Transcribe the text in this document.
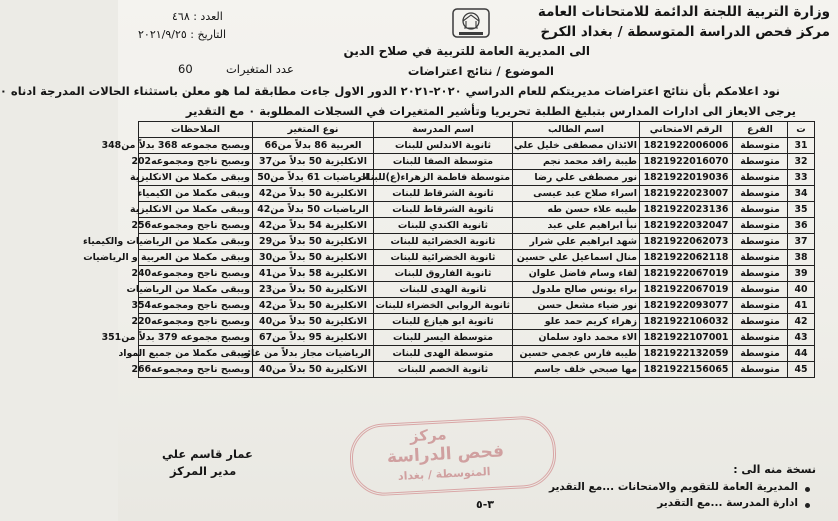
وزارة التربية اللجنة الدائمة للامتحانات العامة
مركز فحص الدراسة المتوسطة / بغداد الكرخ
العدد : ٤٦٨
التاريخ : ٢٠٢١/٩/٢٥
الى المديرية العامة للتربية في صلاح الدين
الموضوع / نتائج اعتراضات
عدد المتغيرات  60
نود اعلامكم بأن نتائج اعتراضات مديريتكم للعام الدراسي ٢٠٢٠-٢٠٢١ الدور الاول جاءت مطابقة لما هو معلن باستثناء الحالات المدرجة ادناه ٠
يرجى الايعاز الى ادارات المدارس بتبليغ الطلبة تحريريا وتأشير المتغيرات في السجلات المطلوبة ٠ مع التقدير
ت	الفرع	الرقم الامتحاني	اسم الطالب	اسم المدرسة	نوع المتغير	الملاحظات
31	متوسطة	1821922006006	الائذان مصطفى خليل علي	ثانوية الاندلس للبنات	العربية 86 بدلاً من66	ويصبح مجموعه 368 بدلاً من348
32	متوسطة	1821922016070	طيبة راقد محمد نجم	متوسطة الصفا للبنات	الانكليزية 50 بدلاً من37	ويصبح ناجح ومجموعه202
33	متوسطة	1821922019036	نور مصطفى علي رضا	متوسطة فاطمة الزهراء(ع)للبنات	الرياضيات 61 بدلاً من50	ويبقى مكملا من الانكليزية
34	متوسطة	1821922023007	اسراء صلاح عبد عيسى	ثانوية الشرقاط للبنات	الانكليزية 50 بدلاً من42	ويبقى مكملا من الكيمياء
35	متوسطة	1821922023136	طيبه علاء حسن طه	ثانوية الشرقاط للبنات	الرياضيات 50 بدلاً من42	ويبقى مكملا من الانكليزية
36	متوسطة	1821922032047	نبأ ابراهيم علي عبد	ثانوية الكندي للبنات	الانكليزية 54 بدلاً من42	ويصبح ناجح ومجموعه256
37	متوسطة	1821922062073	شهد ابراهيم علي شرار	ثانوية الخضرائية للبنات	الانكليزية 50 بدلاً من29	ويبقى مكملا من الرياضيات والكيمياء
38	متوسطة	1821922062118	منال اسماعيل علي حسين	ثانوية الخضرائية للبنات	الانكليزية 50 بدلاً من30	ويبقى مكملا من العربية و الرياضيات
39	متوسطة	1821922067019	لقاء وسام فاضل علوان	ثانوية الفاروق للبنات	الانكليزية 58 بدلاً من41	ويصبح ناجح ومجموعه240
40	متوسطة	1821922067019	براء يونس صالح ملدول	ثانوية الهدى للبنات	الانكليزية 50 بدلاً من23	ويبقى مكملا من الرياضيات
41	متوسطة	1821922093077	نور ضياء مشعل حسن	ثانوية الروابي الخضراء للبنات	الانكليزية 50 بدلاً من42	ويصبح ناجح ومجموعه354
42	متوسطة	1821922106032	زهراء كريم حمد علو	ثانوية ابو هيازع للبنات	الانكليزية 50 بدلاً من40	ويصبح ناجح ومجموعه220
43	متوسطة	1821922107001	الاء محمد داود سلمان	متوسطة اليسر للبنات	الانكليزية 95 بدلاً من67	ويصبح مجموعه 379 بدلاً من351
44	متوسطة	1821922132059	طيبه فارس عجمي حسين	متوسطة الهدى للبنات	الرياضيات مجاز بدلاً من غائب	ويبقى مكملا من جميع المواد
45	متوسطة	1821922156065	مها صبحي خلف جاسم	ثانوية الخصم للبنات	الانكليزية 50 بدلاً من40	ويصبح ناجح ومجموعه266
عمار قاسم علي
مدير المركز
مركز
فحص الدراسة
المتوسطة / بغداد	نسخة منه الى :
المديرية العامة للتقويم والامتحانات ...مع التقدير
ادارة المدرسة ...مع التقدير
٣-٥
